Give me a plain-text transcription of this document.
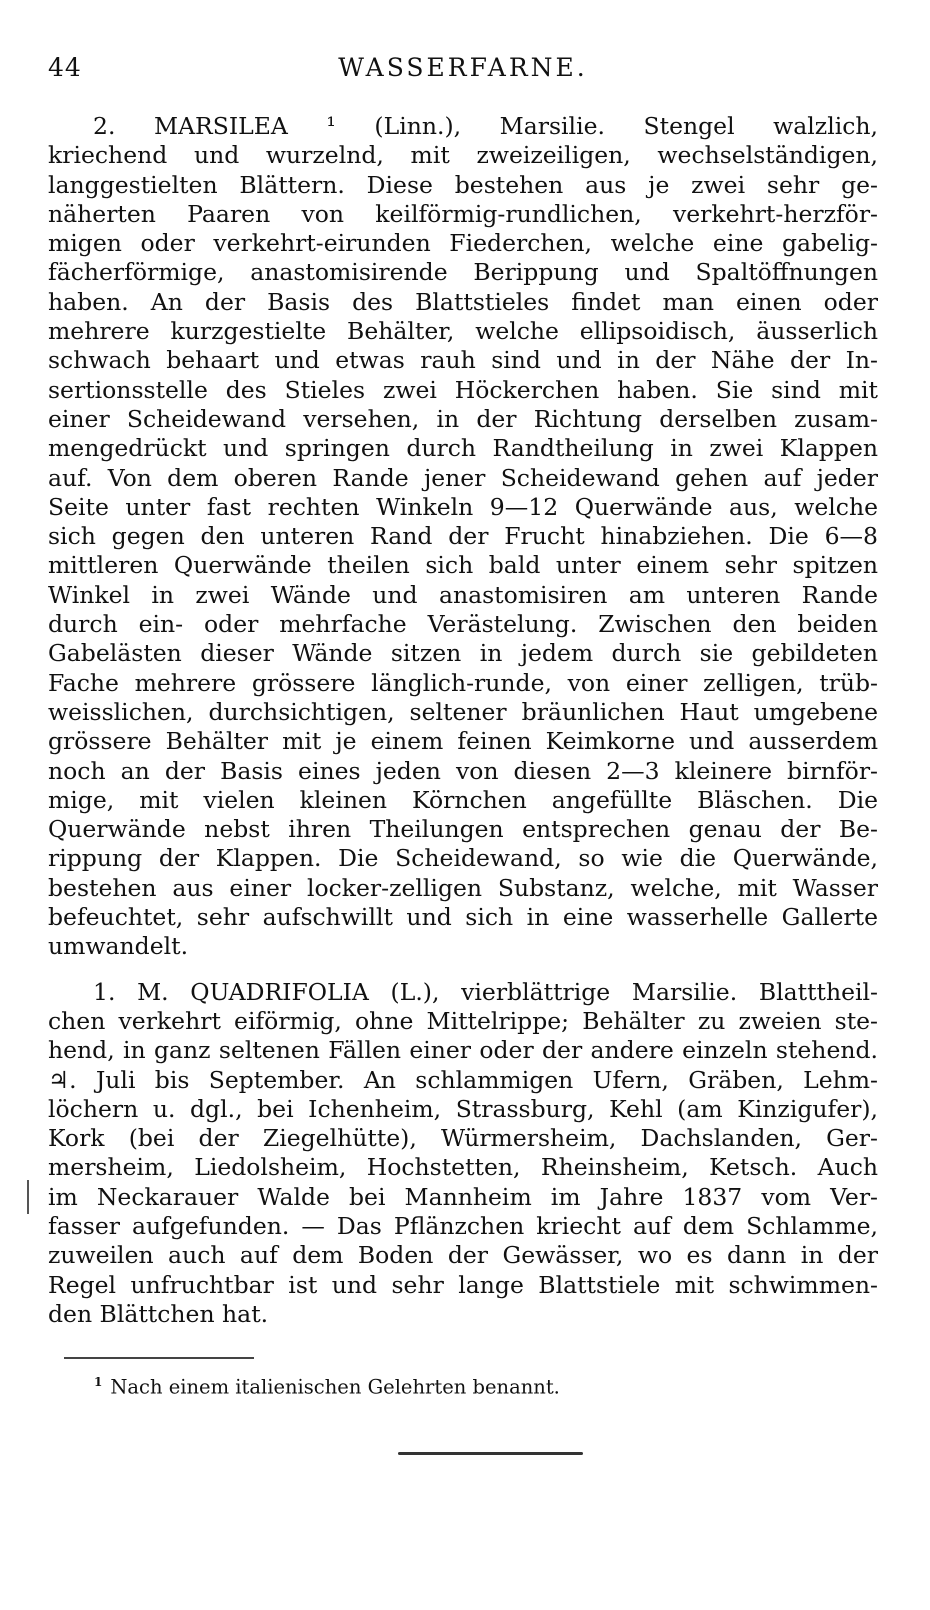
44	WASSERFARNE.
2. MARSILEA ¹ (Linn.), Marsilie. Stengel walzlich,
kriechend und wurzelnd, mit zweizeiligen, wechselständigen,
langgestielten Blättern. Diese bestehen aus je zwei sehr ge-
näherten Paaren von keilförmig-rundlichen, verkehrt-herzför-
migen oder verkehrt-eirunden Fiederchen, welche eine gabelig-
fächerförmige, anastomisirende Berippung und Spaltöffnungen
haben. An der Basis des Blattstieles findet man einen oder
mehrere kurzgestielte Behälter, welche ellipsoidisch, äusserlich
schwach behaart und etwas rauh sind und in der Nähe der In-
sertionsstelle des Stieles zwei Höckerchen haben. Sie sind mit
einer Scheidewand versehen, in der Richtung derselben zusam-
mengedrückt und springen durch Randtheilung in zwei Klappen
auf. Von dem oberen Rande jener Scheidewand gehen auf jeder
Seite unter fast rechten Winkeln 9—12 Querwände aus, welche
sich gegen den unteren Rand der Frucht hinabziehen. Die 6—8
mittleren Querwände theilen sich bald unter einem sehr spitzen
Winkel in zwei Wände und anastomisiren am unteren Rande
durch ein- oder mehrfache Verästelung. Zwischen den beiden
Gabelästen dieser Wände sitzen in jedem durch sie gebildeten
Fache mehrere grössere länglich-runde, von einer zelligen, trüb-
weisslichen, durchsichtigen, seltener bräunlichen Haut umgebene
grössere Behälter mit je einem feinen Keimkorne und ausserdem
noch an der Basis eines jeden von diesen 2—3 kleinere birnför-
mige, mit vielen kleinen Körnchen angefüllte Bläschen. Die
Querwände nebst ihren Theilungen entsprechen genau der Be-
rippung der Klappen. Die Scheidewand, so wie die Querwände,
bestehen aus einer locker-zelligen Substanz, welche, mit Wasser
befeuchtet, sehr aufschwillt und sich in eine wasserhelle Gallerte
umwandelt.
1. M. QUADRIFOLIA (L.), vierblättrige Marsilie. Blatttheil-
chen verkehrt eiförmig, ohne Mittelrippe; Behälter zu zweien ste-
hend, in ganz seltenen Fällen einer oder der andere einzeln stehend.
♃. Juli bis September. An schlammigen Ufern, Gräben, Lehm-
löchern u. dgl., bei Ichenheim, Strassburg, Kehl (am Kinzigufer),
Kork (bei der Ziegelhütte), Würmersheim, Dachslanden, Ger-
mersheim, Liedolsheim, Hochstetten, Rheinsheim, Ketsch. Auch
im Neckarauer Walde bei Mannheim im Jahre 1837 vom Ver-
fasser aufgefunden. — Das Pflänzchen kriecht auf dem Schlamme,
zuweilen auch auf dem Boden der Gewässer, wo es dann in der
Regel unfruchtbar ist und sehr lange Blattstiele mit schwimmen-
den Blättchen hat.
$^1$ Nach einem italienischen Gelehrten benannt.
